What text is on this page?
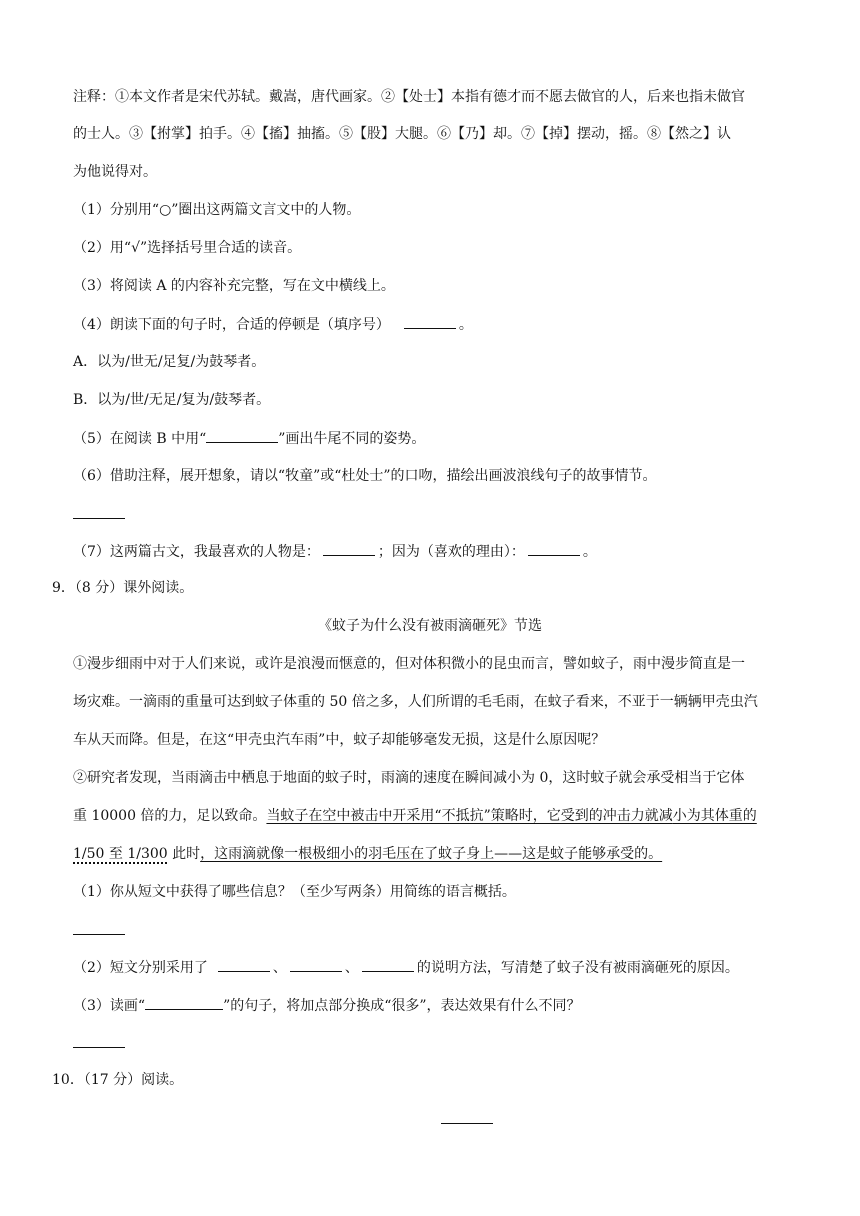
注释：①本文作者是宋代苏轼。戴嵩，唐代画家。②【处士】本指有德才而不愿去做官的人，后来也指未做官
的士人。③【拊掌】拍手。④【搐】抽搐。⑤【股】大腿。⑥【乃】却。⑦【掉】摆动，摇。⑧【然之】认
为他说得对。
（1）分别用“○”圈出这两篇文言文中的人物。
（2）用“√”选择括号里合适的读音。
（3）将阅读 A 的内容补充完整，写在文中横线上。
（4）朗读下面的句子时，合适的停顿是（填序号）	。
A．以为/世无/足复/为鼓琴者。
B．以为/世/无足/复为/鼓琴者。
（5）在阅读 B 中用“	”画出牛尾不同的姿势。
（6）借助注释，展开想象，请以“牧童”或“杜处士”的口吻，描绘出画波浪线句子的故事情节。
（7）这两篇古文，我最喜欢的人物是：	；因为（喜欢的理由）：	。
9．（8 分）课外阅读。
《蚊子为什么没有被雨滴砸死》节选
①漫步细雨中对于人们来说，或许是浪漫而惬意的，但对体积微小的昆虫而言，譬如蚊子，雨中漫步简直是一
场灾难。一滴雨的重量可达到蚊子体重的 50 倍之多，人们所谓的毛毛雨，在蚊子看来，不亚于一辆辆甲壳虫汽
车从天而降。但是，在这“甲壳虫汽车雨”中，蚊子却能够毫发无损，这是什么原因呢？
②研究者发现，当雨滴击中栖息于地面的蚊子时，雨滴的速度在瞬间减小为 0，这时蚊子就会承受相当于它体
重 10000 倍的力，足以致命。当蚊子在空中被击中开采用“不抵抗”策略时，它受到的冲击力就减小为其体重的
1/50 至 1/300 此时，这雨滴就像一根极细小的羽毛压在了蚊子身上——这是蚊子能够承受的。
（1）你从短文中获得了哪些信息？（至少写两条）用简练的语言概括。
（2）短文分别采用了	、	、	的说明方法，写清楚了蚊子没有被雨滴砸死的原因。
（3）读画“	”的句子，将加点部分换成“很多”，表达效果有什么不同？
10．（17 分）阅读。
